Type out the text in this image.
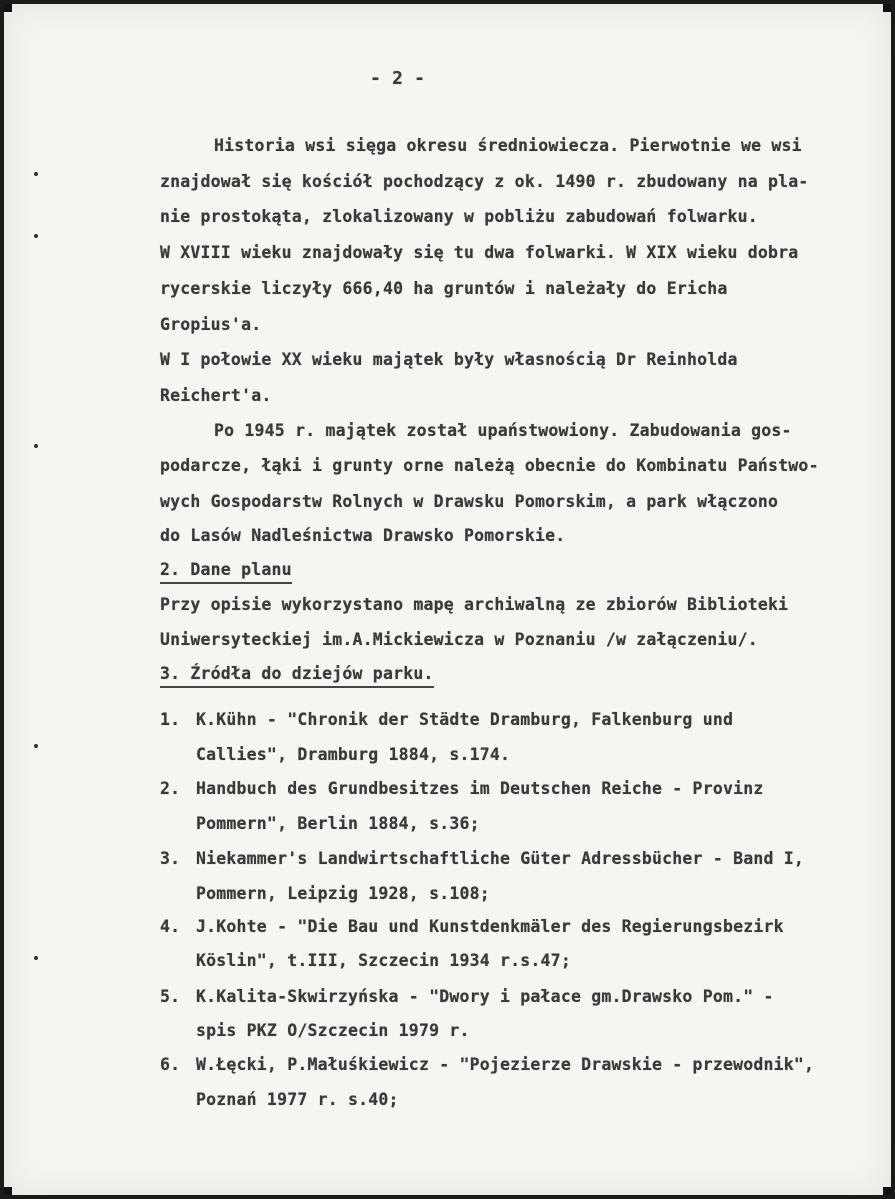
- 2 -
Historia wsi sięga okresu średniowiecza. Pierwotnie we wsi
znajdował się kościół pochodzący z ok. 1490 r. zbudowany na pla-
nie prostokąta, zlokalizowany w pobliżu zabudowań folwarku.
W XVIII wieku znajdowały się tu dwa folwarki. W XIX wieku dobra
rycerskie liczyły 666,40 ha gruntów i należały do Ericha
Gropius'a.
W I połowie XX wieku majątek były własnością Dr Reinholda
Reichert'a.
Po 1945 r. majątek został upaństwowiony. Zabudowania gos-
podarcze, łąki i grunty orne należą obecnie do Kombinatu Państwo-
wych Gospodarstw Rolnych w Drawsku Pomorskim, a park włączono
do Lasów Nadleśnictwa Drawsko Pomorskie.
2. Dane planu
Przy opisie wykorzystano mapę archiwalną ze zbiorów Biblioteki
Uniwersyteckiej im.A.Mickiewicza w Poznaniu /w załączeniu/.
3. Źródła do dziejów parku.
1. K.Kühn - "Chronik der Städte Dramburg, Falkenburg und
Callies", Dramburg 1884, s.174.
2. Handbuch des Grundbesitzes im Deutschen Reiche - Provinz
Pommern", Berlin 1884, s.36;
3. Niekammer's Landwirtschaftliche Güter Adressbücher - Band I,
Pommern, Leipzig 1928, s.108;
4. J.Kohte - "Die Bau und Kunstdenkmäler des Regierungsbezirk
Köslin", t.III, Szczecin 1934 r.s.47;
5. K.Kalita-Skwirzyńska - "Dwory i pałace gm.Drawsko Pom." -
spis PKZ O/Szczecin 1979 r.
6. W.Łęcki, P.Małuśkiewicz - "Pojezierze Drawskie - przewodnik",
Poznań 1977 r. s.40;
